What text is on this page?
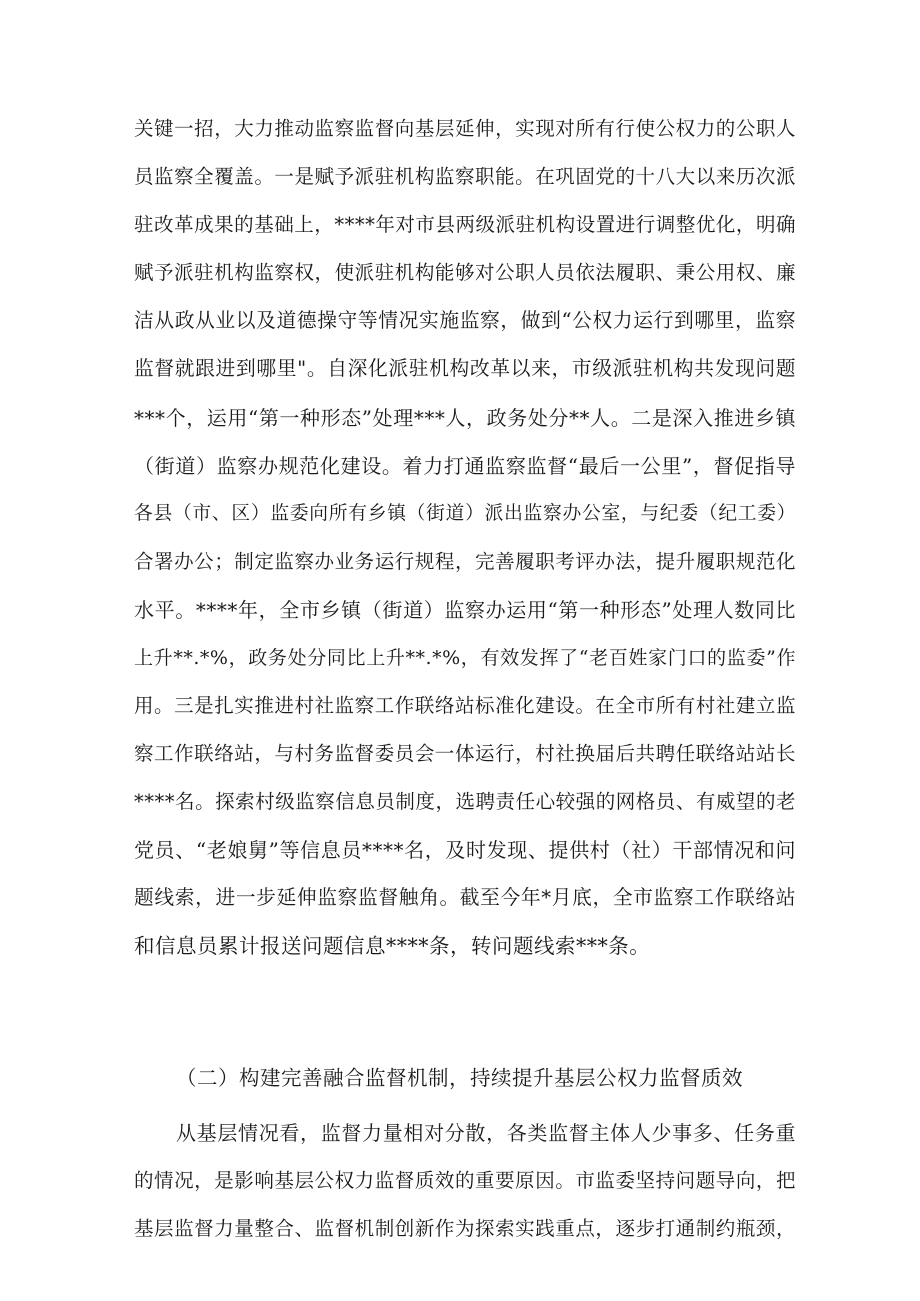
关键一招，大力推动监察监督向基层延伸，实现对所有行使公权力的公职人
员监察全覆盖。一是赋予派驻机构监察职能。在巩固党的十八大以来历次派
驻改革成果的基础上，****年对市县两级派驻机构设置进行调整优化，明确
赋予派驻机构监察权，使派驻机构能够对公职人员依法履职、秉公用权、廉
洁从政从业以及道德操守等情况实施监察，做到“公权力运行到哪里，监察
监督就跟进到哪里"。自深化派驻机构改革以来，市级派驻机构共发现问题
***个，运用“第一种形态”处理***人，政务处分**人。二是深入推进乡镇
（街道）监察办规范化建设。着力打通监察监督“最后一公里”，督促指导
各县（市、区）监委向所有乡镇（街道）派出监察办公室，与纪委（纪工委）
合署办公；制定监察办业务运行规程，完善履职考评办法，提升履职规范化
水平。****年，全市乡镇（街道）监察办运用“第一种形态”处理人数同比
上升**.*%，政务处分同比上升**.*%，有效发挥了“老百姓家门口的监委”作
用。三是扎实推进村社监察工作联络站标准化建设。在全市所有村社建立监
察工作联络站，与村务监督委员会一体运行，村社换届后共聘任联络站站长
****名。探索村级监察信息员制度，选聘责任心较强的网格员、有威望的老
党员、“老娘舅”等信息员****名，及时发现、提供村（社）干部情况和问
题线索，进一步延伸监察监督触角。截至今年*月底，全市监察工作联络站
和信息员累计报送问题信息****条，转问题线索***条。
（二）构建完善融合监督机制，持续提升基层公权力监督质效
从基层情况看，监督力量相对分散，各类监督主体人少事多、任务重
的情况，是影响基层公权力监督质效的重要原因。市监委坚持问题导向，把
基层监督力量整合、监督机制创新作为探索实践重点，逐步打通制约瓶颈，
